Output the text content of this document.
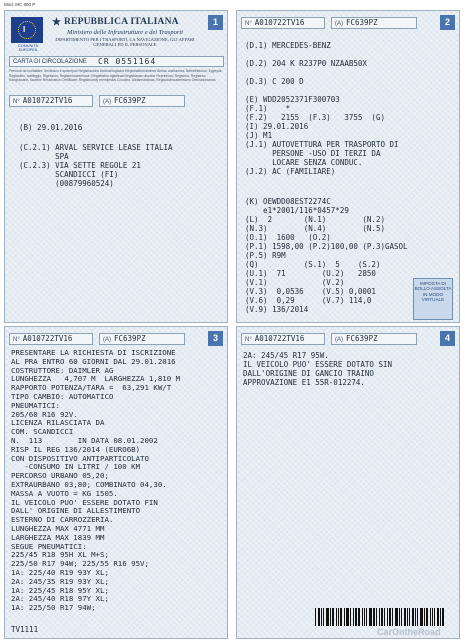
Mod. MC 800 P
I
COMUNITÀ EUROPEA
REPUBBLICA ITALIANA
Ministero delle Infrastrutture e dei Trasporti
DIPARTIMENTO PER I TRASPORTI, LA NAVIGAZIONE, GLI AFFARI GENERALI ED IL PERSONALE
1
CARTA DI CIRCOLAZIONE CR 0551164
Persona da contattare: IIIndirizzo e eparmpos Registrazione Anlanchiogacho Registrationhalmmer Abiras ursitraoxes, Bebriilnekoon, Egyeyak, Registdein, walileggo, Rigeskion, Registrioelcrenhose, Registratou agibiteaa Registraçao uisonne Reprinfoos, Registros, Registrioc Rangsboarin, Ilavebin Resistration Certificate, Registruciniy eremijeskis Cocolino, Alinamsinisrias, Regisatolmoatrehsions Omkraitonianas
N° A010722TV16	(A) FC639PZ
(B) 29.01.2016
(C.2.1) ARVAL SERVICE LEASE ITALIA
SPA
(C.2.3) VIA SETTE REGOLE 21
SCANDICCI (FI)
(00879960524)
N° A010722TV16	(A) FC639PZ	2
(D.1) MERCEDES-BENZ

(D.2) 204 K R237P0 NZAAB50X

(D.3) C 200 D

(E) WDD2052371F300703
(F.1)    *
(F.2)   2155  (F.3)   3755  (G)
(I) 29.01.2016
(J) M1
(J.1) AUTOVETTURA PER TRASPORTO DI
PERSONE -USO DI TERZI DA
LOCARE SENZA CONDUC.
(J.2) AC (FAMILIARE)
(K) OEWDD08EST2274C
e1*2001/116*0457*29
(L)  2       (N.1)        (N.2)
(N.3)        (N.4)        (N.5)
(O.1)  1600   (O.2)
(P.1) 1598,00 (P.2)100,00 (P.3)GASOL
(P.5) R9M
(Q)          (S.1)  5    (S.2)
(U.1)  71        (U.2)   2850
(V.1)            (V.2)
(V.3)  0,0536    (V.5) 0,0001
(V.6)  0,29      (V.7) 114,0
(V.9) 136/2014
IMPOSTA DI BOLLO ASSOLTA IN MODO VIRTUALE
N° A010722TV16	(A) FC639PZ	3
PRESENTARE LA RICHIESTA DI ISCRIZIONE
AL PRA ENTRO 60 GIORNI DAL 29.01.2016
COSTRUTTORE: DAIMLER AG
LUNGHEZZA   4,707 M  LARGHEZZA 1,810 M
RAPPORTO POTENZA/TARA =  63,291 KW/T
TIPO CAMBIO: AUTOMATICO
PNEUMATICI:
205/60 R16 92V.
LICENZA RILASCIATA DA
COM. SCANDICCI
N.  113        IN DATA 08.01.2002
RISP IL REG 136/2014 (EURO6B)
CON DISPOSITIVO ANTIPARTICOLATO
-CONSUMO IN LITRI / 100 KM
PERCORSO URBANO 05,20;
EXTRAURBANO 03,80; COMBINATO 04,30.
MASSA A VUOTO = KG 1505.
IL VEICOLO PUO' ESSERE DOTATO FIN
DALL' ORIGINE DI ALLESTIMENTO
ESTERNO DI CARROZZERIA.
LUNGHEZZA MAX 4771 MM
LARGHEZZA MAX 1839 MM
SEGUE PNEUMATICI:
225/45 R18 95H XL M+S;
225/50 R17 94W; 225/55 R16 95V;
1A: 225/40 R19 93Y XL;
2A: 245/35 R19 93Y XL;
1A: 225/45 R18 95Y XL;
2A: 245/40 R18 97Y XL;
1A: 225/50 R17 94W;
TV1111
N° A010722TV16	(A) FC639PZ	4
2A: 245/45 R17 95W.
IL VEICOLO PUO' ESSERE DOTATO SIN
DALL'ORIGINE DI GANCIO TRAINO
APPROVAZIONE E1 55R-012274.
CarOntheRoad
